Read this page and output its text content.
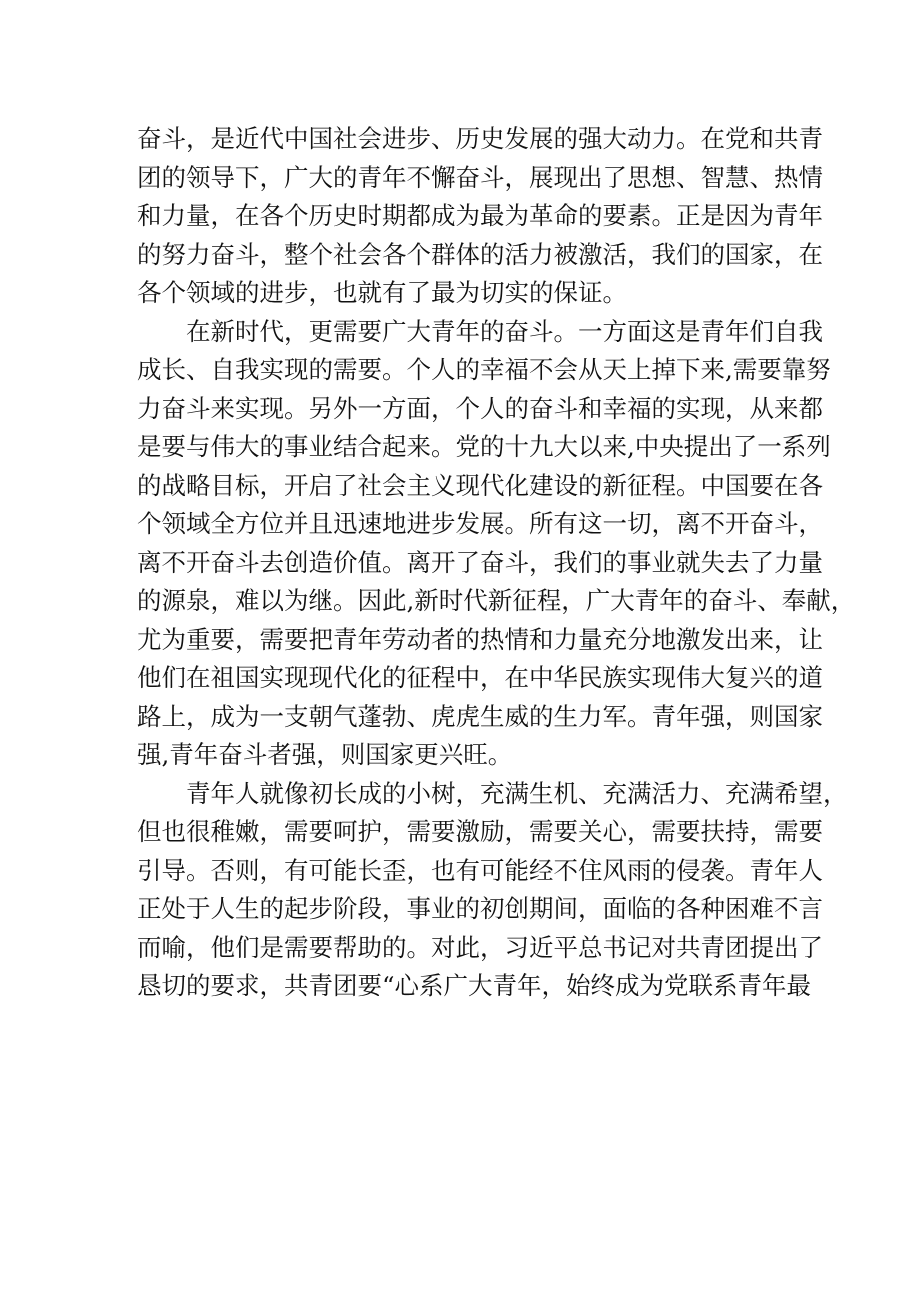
奋斗，是近代中国社会进步、历史发展的强大动力。在党和共青
团的领导下，广大的青年不懈奋斗，展现出了思想、智慧、热情
和力量，在各个历史时期都成为最为革命的要素。正是因为青年
的努力奋斗，整个社会各个群体的活力被激活，我们的国家，在
各个领域的进步，也就有了最为切实的保证。
在新时代，更需要广大青年的奋斗。一方面这是青年们自我
成长、自我实现的需要。个人的幸福不会从天上掉下来,需要靠努
力奋斗来实现。另外一方面，个人的奋斗和幸福的实现，从来都
是要与伟大的事业结合起来。党的十九大以来,中央提出了一系列
的战略目标，开启了社会主义现代化建设的新征程。中国要在各
个领域全方位并且迅速地进步发展。所有这一切，离不开奋斗，
离不开奋斗去创造价值。离开了奋斗，我们的事业就失去了力量
的源泉，难以为继。因此,新时代新征程，广大青年的奋斗、奉献，
尤为重要，需要把青年劳动者的热情和力量充分地激发出来，让
他们在祖国实现现代化的征程中，在中华民族实现伟大复兴的道
路上，成为一支朝气蓬勃、虎虎生威的生力军。青年强，则国家
强,青年奋斗者强，则国家更兴旺。
青年人就像初长成的小树，充满生机、充满活力、充满希望，
但也很稚嫩，需要呵护，需要激励，需要关心，需要扶持，需要
引导。否则，有可能长歪，也有可能经不住风雨的侵袭。青年人
正处于人生的起步阶段，事业的初创期间，面临的各种困难不言
而喻，他们是需要帮助的。对此，习近平总书记对共青团提出了
恳切的要求，共青团要“心系广大青年，始终成为党联系青年最
